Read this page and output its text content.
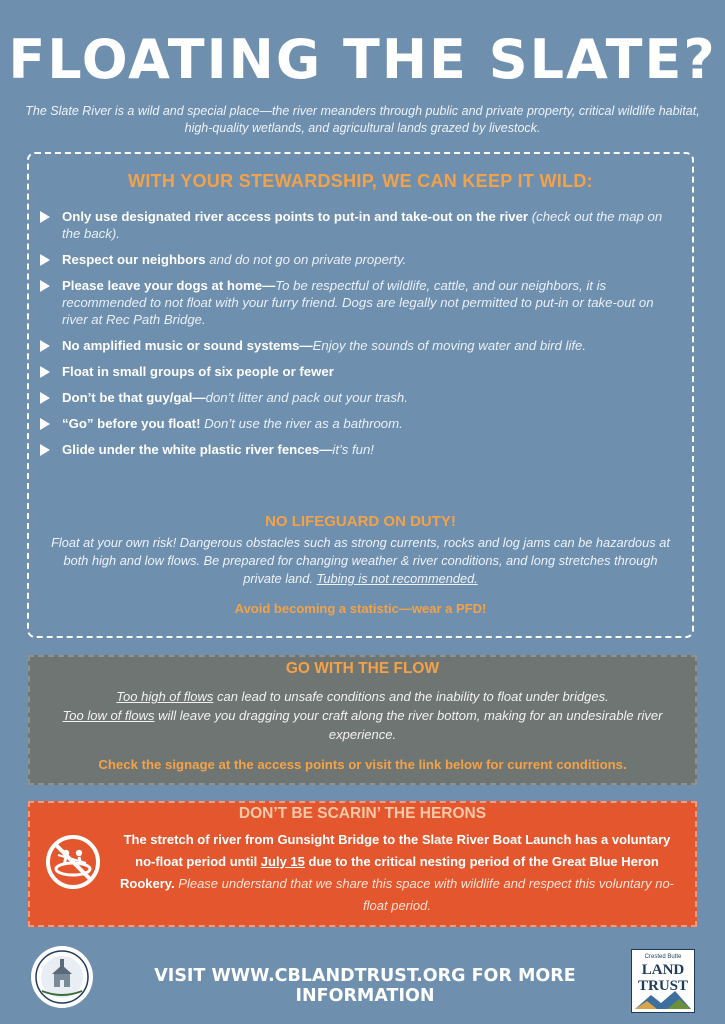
FLOATING THE SLATE?
The Slate River is a wild and special place—the river meanders through public and private property, critical wildlife habitat, high-quality wetlands, and agricultural lands grazed by livestock.
WITH YOUR STEWARDSHIP, WE CAN KEEP IT WILD:
Only use designated river access points to put-in and take-out on the river (check out the map on the back).
Respect our neighbors and do not go on private property.
Please leave your dogs at home—To be respectful of wildlife, cattle, and our neighbors, it is recommended to not float with your furry friend. Dogs are legally not permitted to put-in or take-out on river at Rec Path Bridge.
No amplified music or sound systems—Enjoy the sounds of moving water and bird life.
Float in small groups of six people or fewer
Don’t be that guy/gal—don’t litter and pack out your trash.
“Go” before you float! Don’t use the river as a bathroom.
Glide under the white plastic river fences—it’s fun!
NO LIFEGUARD ON DUTY!
Float at your own risk! Dangerous obstacles such as strong currents, rocks and log jams can be hazardous at both high and low flows. Be prepared for changing weather & river conditions, and long stretches through private land. Tubing is not recommended.
Avoid becoming a statistic—wear a PFD!
GO WITH THE FLOW
Too high of flows can lead to unsafe conditions and the inability to float under bridges.
Too low of flows will leave you dragging your craft along the river bottom, making for an undesirable river experience.
Check the signage at the access points or visit the link below for current conditions.
DON’T BE SCARIN’ THE HERONS
The stretch of river from Gunsight Bridge to the Slate River Boat Launch has a voluntary no-float period until July 15 due to the critical nesting period of the Great Blue Heron Rookery. Please understand that we share this space with wildlife and respect this voluntary no-float period.
VISIT WWW.CBLANDTRUST.ORG FOR MORE INFORMATION
Crested Butte
LAND
TRUST
